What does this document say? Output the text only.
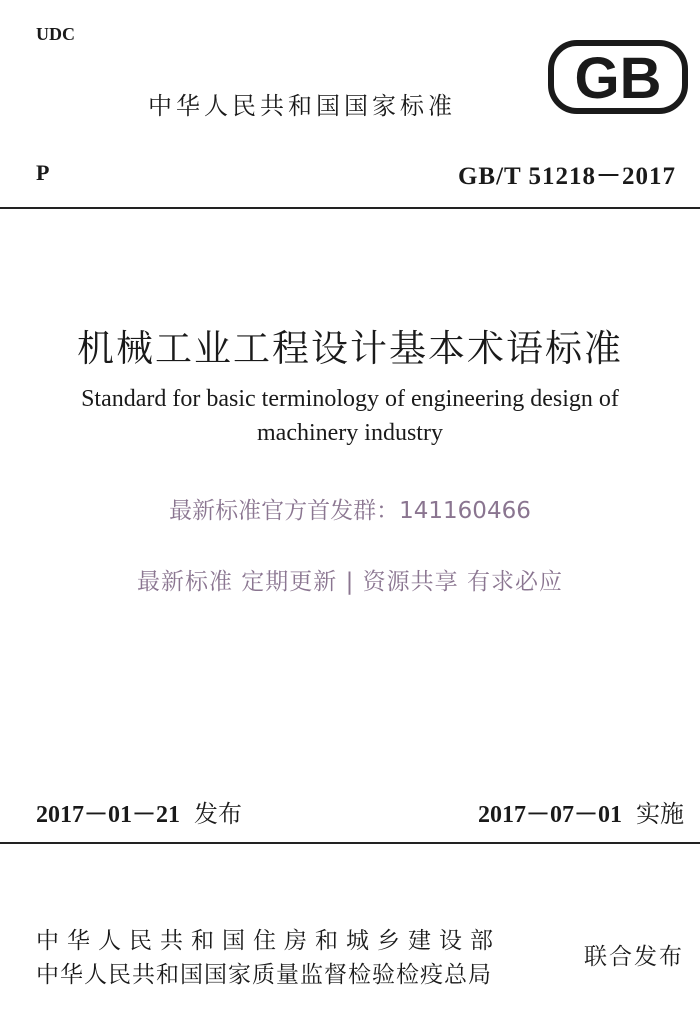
UDC
中华人民共和国国家标准 GB
P	GB/T 51218－2017
机械工业工程设计基本术语标准
Standard for basic terminology of engineering design of
machinery industry
最新标准官方首发群：141160466
最新标准 定期更新 | 资源共享 有求必应
2017－01－21 发布	2017－07－01 实施
中华人民共和国住房和城乡建设部
中华人民共和国国家质量监督检验检疫总局
联合发布
